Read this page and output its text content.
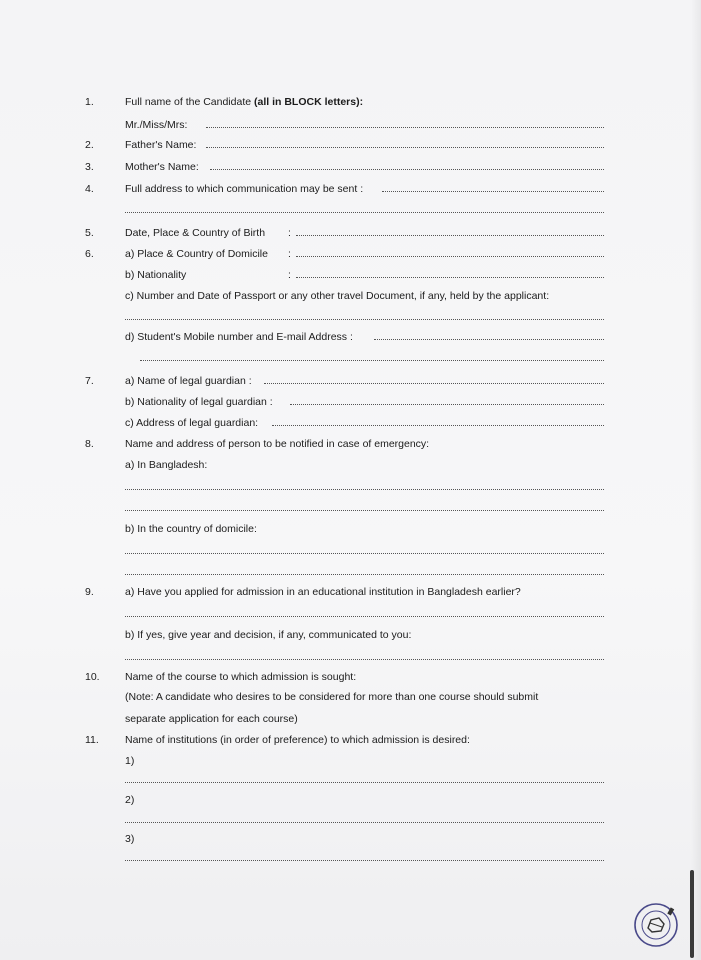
1.	Full name of the Candidate (all in BLOCK letters):
Mr./Miss/Mrs:
2.	Father's Name:
3.	Mother's Name:
4.	Full address to which communication may be sent :
5.	Date, Place & Country of Birth :
6.	a) Place & Country of Domicile :
b) Nationality	:
c) Number and Date of Passport or any other travel Document, if any, held by the applicant:
d) Student's Mobile number and E-mail Address :
7.	a) Name of legal guardian :
b) Nationality of legal guardian :
c) Address of legal guardian:
8.	Name and address of person to be notified in case of emergency:
a) In Bangladesh:
b) In the country of domicile:
9.	a) Have you applied for admission in an educational institution in Bangladesh earlier?
b) If yes, give year and decision, if any, communicated to you:
10.	Name of the course to which admission is sought:
(Note: A candidate who desires to be considered for more than one course should submit
separate application for each course)
11.	Name of institutions (in order of preference) to which admission is desired:
1)
2)
3)
